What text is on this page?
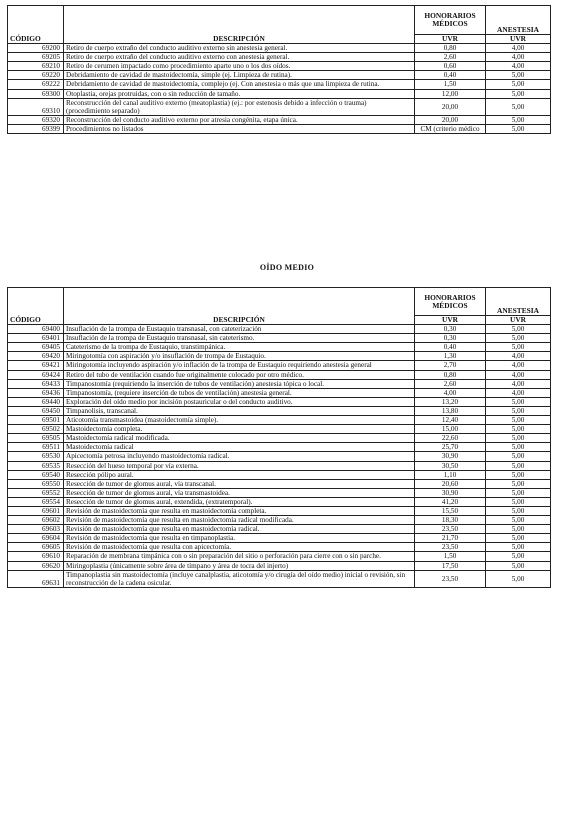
CÓDIGO	DESCRIPCIÓN	HONORARIOS
MÉDICOS	ANESTESIA
		UVR	UVR
69200	Retiro de cuerpo extraño del conducto auditivo externo sin anestesia general.	0,80	4,00
69205	Retiro de cuerpo extraño del conducto auditivo externo con anestesia general.	2,60	4,00
69210	Retiro de cerumen impactado como procedimiento aparte uno o los dos oídos.	0,60	4,00
69220	Debridamiento de cavidad de mastoidectomía, simple (ej. Limpieza de rutina).	0,40	5,00
69222	Debridamiento de cavidad de mastoidectomía, complejo (ej. Con anestesia o más que una limpieza de rutina.	1,50	5,00
69300	Otoplastia, orejas protruidas, con o sin reducción de tamaño.	12,00	5,00
69310	Reconstrucción del canal auditivo externo (meatoplastia) (ej.: por estenosis debido a infección o trauma) (procedimiento separado)	20,00	5,00
69320	Reconstrucción del conducto auditivo externo por atresia congénita, etapa única.	20,00	5,00
69399	Procedimientos no listados	CM (criterio médico	5,00
OÍDO MEDIO
CÓDIGO	DESCRIPCIÓN	HONORARIOS
MÉDICOS	ANESTESIA
		UVR	UVR
69400	Insuflación de la trompa de Eustaquio transnasal, con cateterización	0,30	5,00
69401	Insuflación de la trompa de Eustaquio transnasal, sin cateterismo.	0,30	5,00
69405	Cateterismo de la trompa de Eustaquio, transtimpánica.	0,40	5,00
69420	Miringotomía con aspiración y/o insuflación de trompa de Eustaquio.	1,30	4,00
69421	Miringotomía incluyendo aspiración y/o inflación de la trompa de Eustaquio requiriendo anestesia general	2,70	4,00
69424	Retiro del tubo de ventilación cuando fue originalmente colocado por otro médico.	0,80	4,00
69433	Timpanostomía (requiriendo la inserción de tubos de ventilación) anestesia tópica o local.	2,60	4,00
69436	Timpanostomía, (requiere inserción de tubos de ventilación) anestesia general.	4,00	4,00
69440	Exploración del oído medio por incisión postauricular o del conducto auditivo.	13,20	5,00
69450	Timpanolisis, transcanal.	13,80	5,00
69501	Aticotomía transmastoidea (mastoidectomía simple).	12,40	5,00
69502	Mastoidectomía completa.	15,00	5,00
69505	Mastoidectomía radical modificada.	22,60	5,00
69511	Mastoidectomía radical	25,70	5,00
69530	Apicectomía petrosa incluyendo mastoidectomía radical.	30,90	5,00
69535	Resección del hueso temporal por vía externa.	30,50	5,00
69540	Resección pólipo aural.	1,10	5,00
69550	Resección de tumor de glomus aural, vía transcanal.	20,60	5,00
69552	Resección de tumor de glomus aural, vía transmastoidea.	30,90	5,00
69554	Resección de tumor de glomus aural, extendida, (extratemporal).	41,20	5,00
69601	Revisión de mastoidectomía que resulta en mastoidectomía completa.	15,50	5,00
69602	Revisión de mastoidectomía que resulta en mastoidectomía radical modificada.	18,30	5,00
69603	Revisión de mastoidectomía que resulta en mastoidectomía radical.	23,50	5,00
69604	Revisión de mastoidectomía que resulta en timpanoplastia.	21,70	5,00
69605	Revisión de mastoidectomía que resulta con apicectomía.	23,50	5,00
69610	Reparación de membrana timpánica con o sin preparación del sitio o perforación para cierre con o sin parche.	1,50	5,00
69620	Miringoplastia (únicamente sobre área de tímpano y área de tocra del injerto)	17,50	5,00
69631	Timpanoplastia sin mastoidectomía (incluye canalplastia, aticotomía y/o cirugía del oído medio) inicial o revisión, sin reconstrucción de la cadena osicular.	23,50	5,00
